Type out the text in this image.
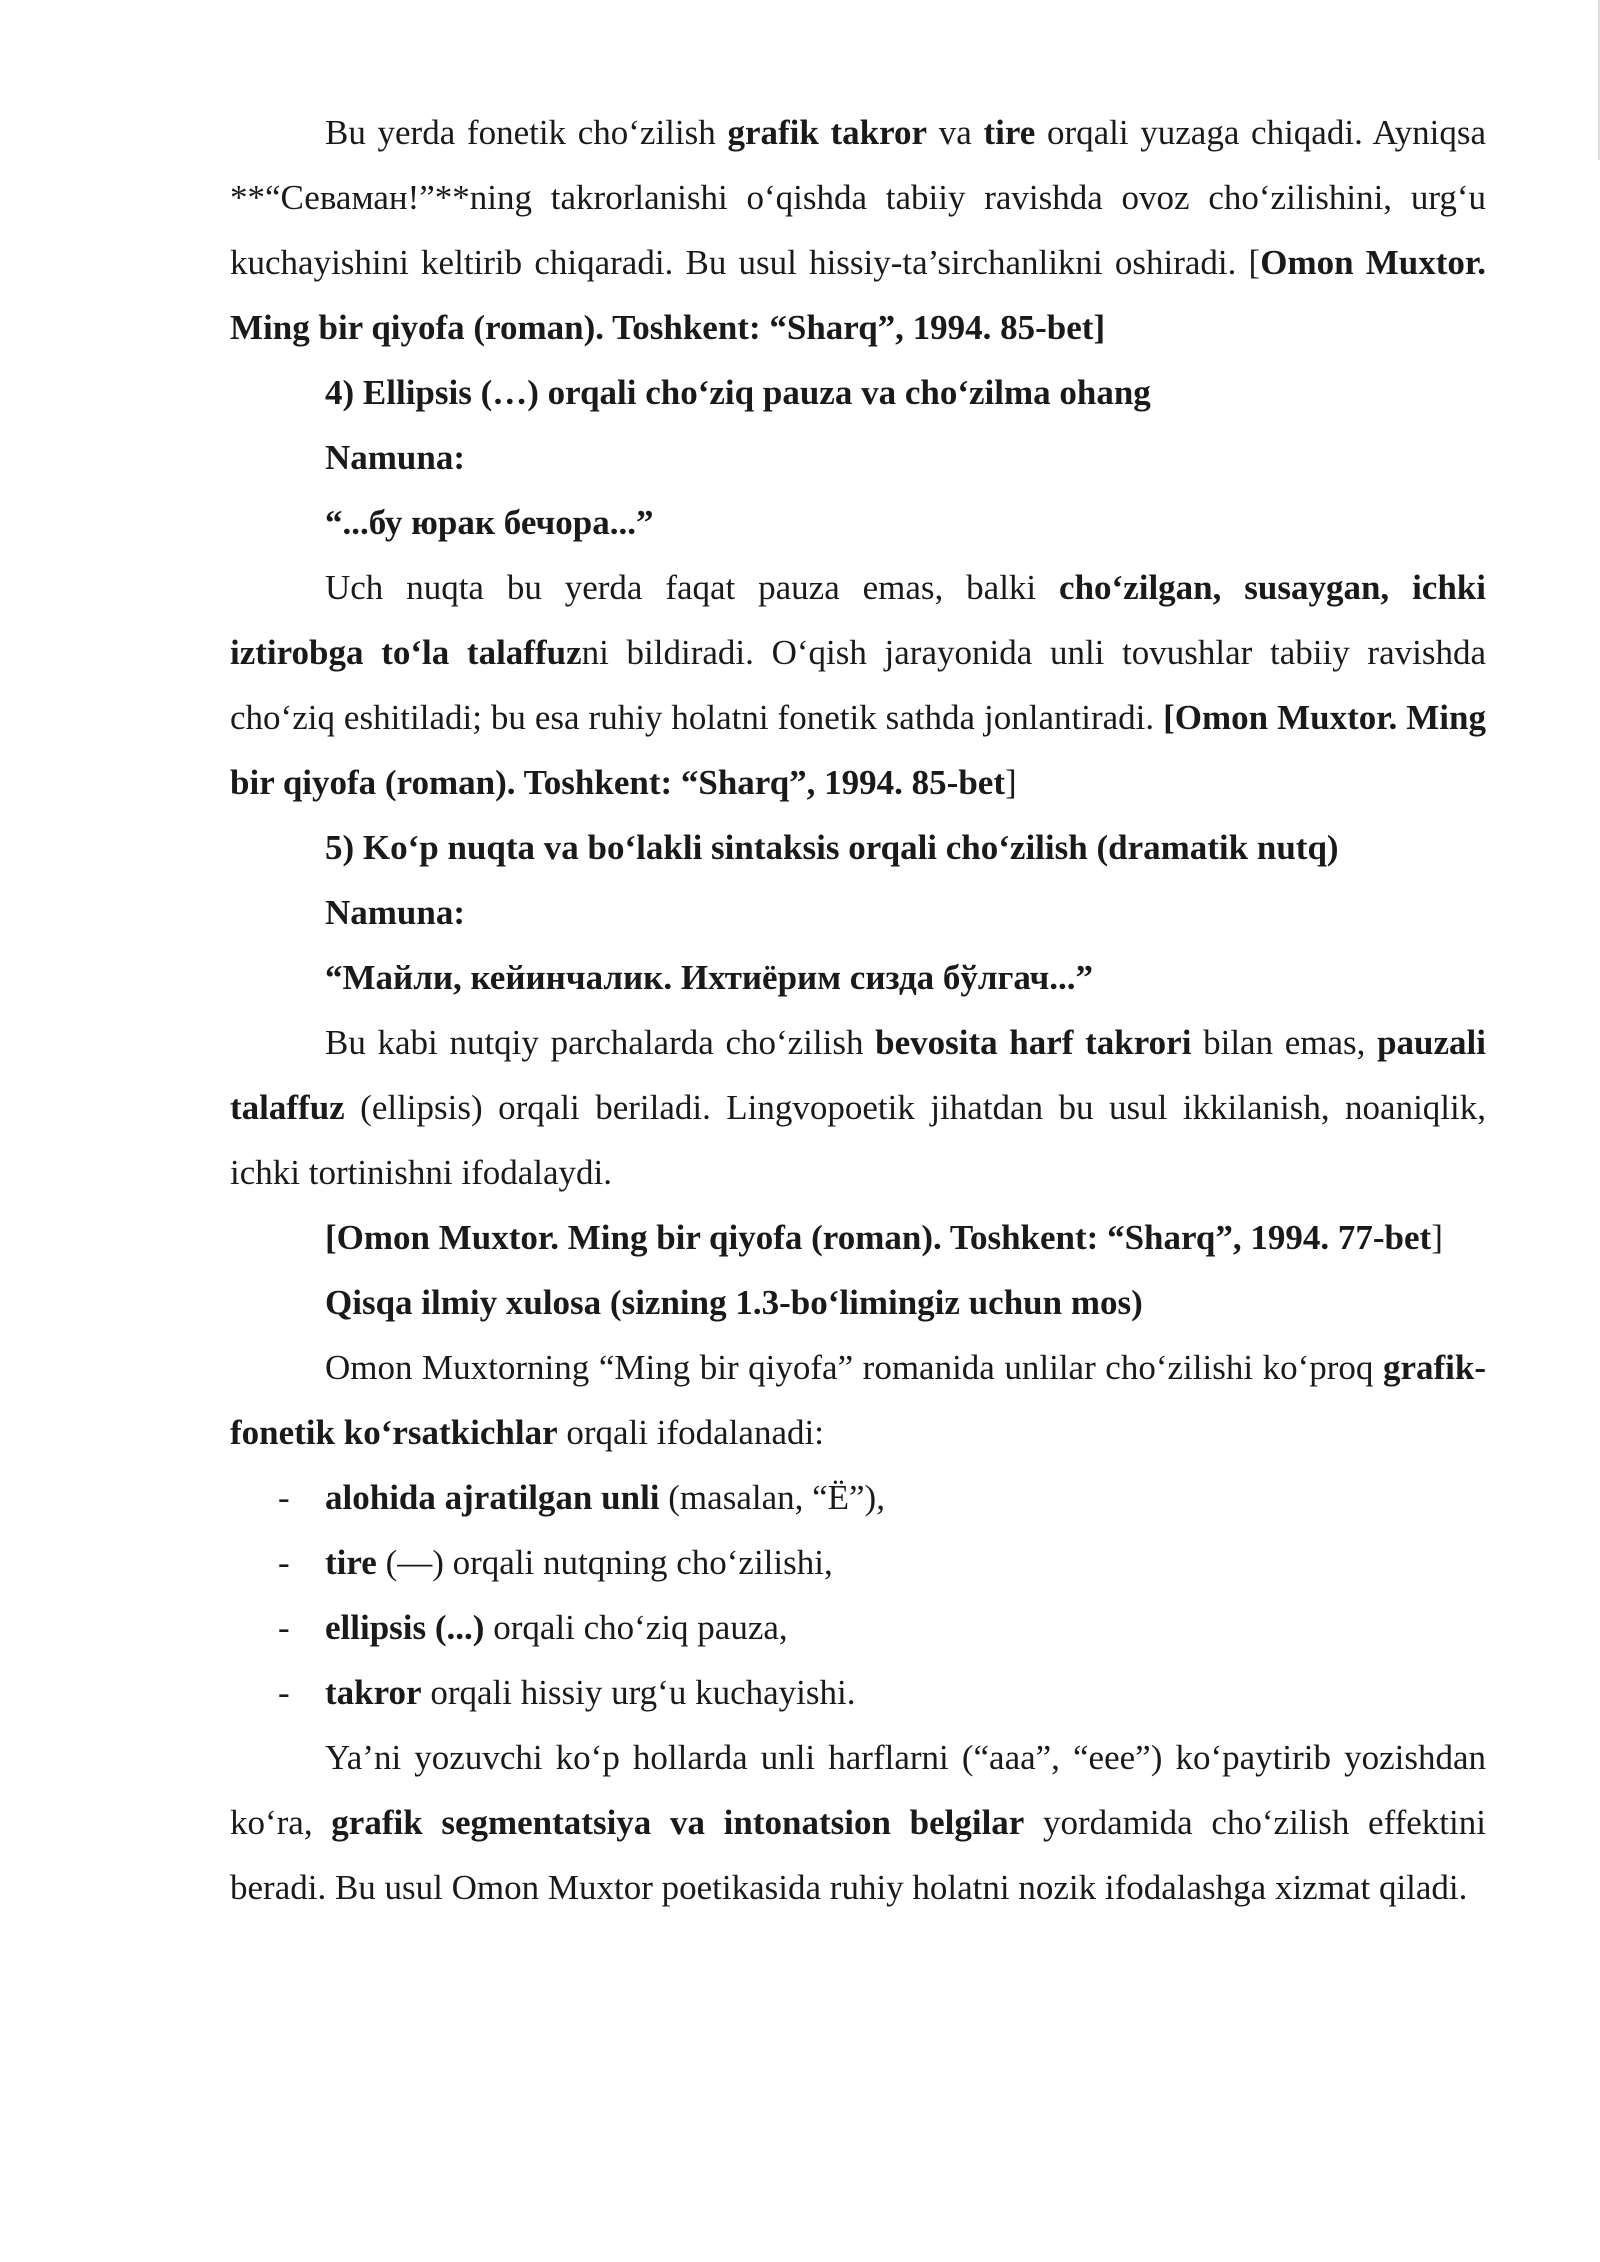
Bu yerda fonetik cho‘zilish grafik takror va tire orqali yuzaga chiqadi. Ayniqsa **“Севаман!”**ning takrorlanishi o‘qishda tabiiy ravishda ovoz cho‘zilishini, urg‘u kuchayishini keltirib chiqaradi. Bu usul hissiy-ta’sirchanlikni oshiradi. [Omon Muxtor. Ming bir qiyofa (roman). Toshkent: “Sharq”, 1994. 85-bet]

4) Ellipsis (…) orqali cho‘ziq pauza va cho‘zilma ohang

Namuna:

“...бу юрак бечора...”

Uch nuqta bu yerda faqat pauza emas, balki cho‘zilgan, susaygan, ichki iztirobga to‘la talaffuzni bildiradi. O‘qish jarayonida unli tovushlar tabiiy ravishda cho‘ziq eshitiladi; bu esa ruhiy holatni fonetik sathda jonlantiradi. [Omon Muxtor. Ming bir qiyofa (roman). Toshkent: “Sharq”, 1994. 85-bet]

5) Ko‘p nuqta va bo‘lakli sintaksis orqali cho‘zilish (dramatik nutq)

Namuna:

“Майли, кейинчалик. Ихтиёрим сизда бўлгач...”

Bu kabi nutqiy parchalarda cho‘zilish bevosita harf takrori bilan emas, pauzali talaffuz (ellipsis) orqali beriladi. Lingvopoetik jihatdan bu usul ikkilanish, noaniqlik, ichki tortinishni ifodalaydi.

[Omon Muxtor. Ming bir qiyofa (roman). Toshkent: “Sharq”, 1994. 77-bet]

Qisqa ilmiy xulosa (sizning 1.3-bo‘limingiz uchun mos)

Omon Muxtorning “Ming bir qiyofa” romanida unlilar cho‘zilishi ko‘proq grafik-fonetik ko‘rsatkichlar orqali ifodalanadi:

- alohida ajratilgan unli (masalan, “Ё”),
- tire (—) orqali nutqning cho‘zilishi,
- ellipsis (...) orqali cho‘ziq pauza,
- takror orqali hissiy urg‘u kuchayishi.

Ya’ni yozuvchi ko‘p hollarda unli harflarni (“aaa”, “eee”) ko‘paytirib yozishdan ko‘ra, grafik segmentatsiya va intonatsion belgilar yordamida cho‘zilish effektini beradi. Bu usul Omon Muxtor poetikasida ruhiy holatni nozik ifodalashga xizmat qiladi.
